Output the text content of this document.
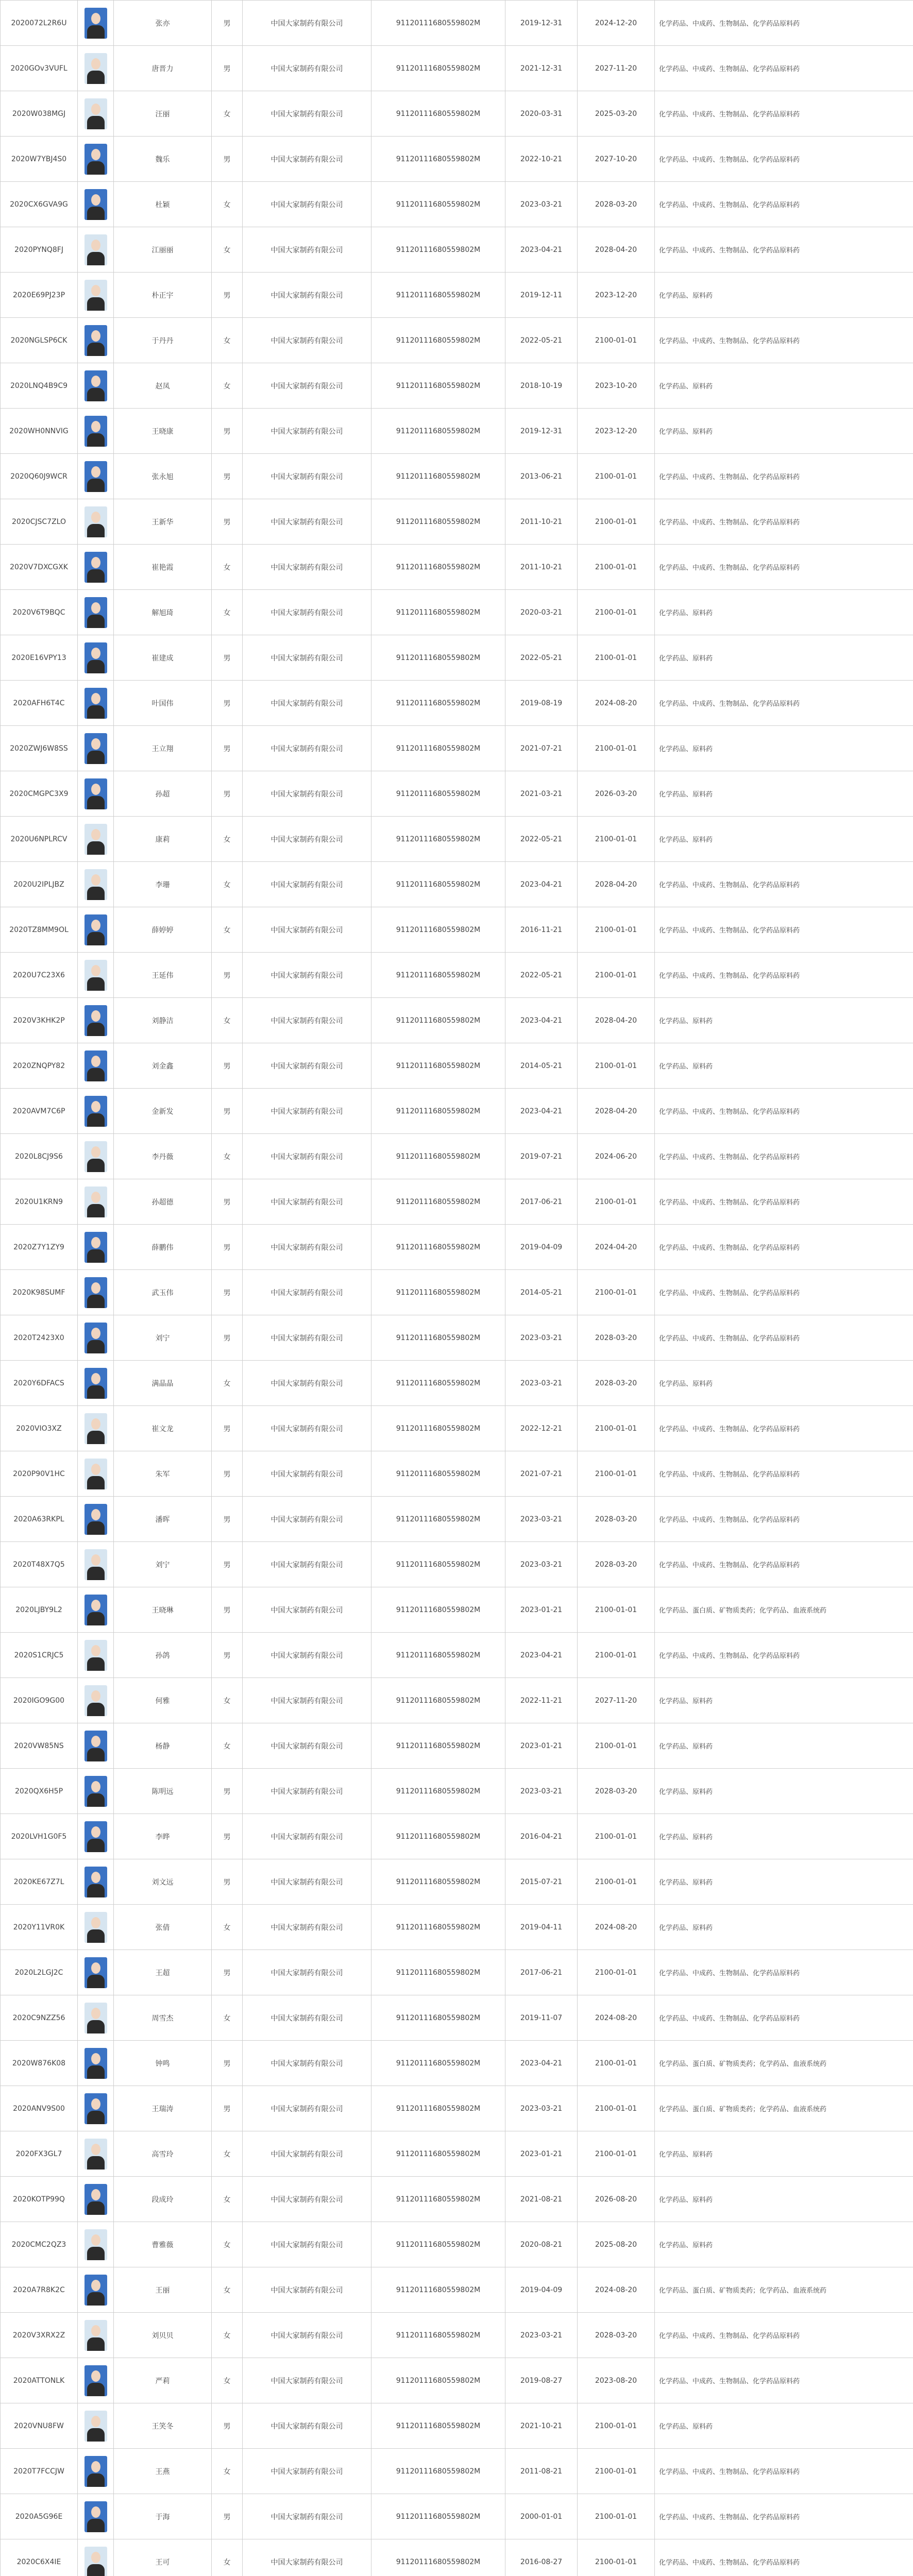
2020072L2R6U		张亦	男	中国大家制药有限公司	91120111680559802M	2019-12-31	2024-12-20	化学药品、中成药、生物制品、化学药品原料药
2020GOv3VUFL		唐晋力	男	中国大家制药有限公司	91120111680559802M	2021-12-31	2027-11-20	化学药品、中成药、生物制品、化学药品原料药
2020W038MGJ		汪丽	女	中国大家制药有限公司	91120111680559802M	2020-03-31	2025-03-20	化学药品、中成药、生物制品、化学药品原料药
2020W7YBJ4S0		魏乐	男	中国大家制药有限公司	91120111680559802M	2022-10-21	2027-10-20	化学药品、中成药、生物制品、化学药品原料药
2020CX6GVA9G		杜颖	女	中国大家制药有限公司	91120111680559802M	2023-03-21	2028-03-20	化学药品、中成药、生物制品、化学药品原料药
2020PYNQ8FJ		江丽丽	女	中国大家制药有限公司	91120111680559802M	2023-04-21	2028-04-20	化学药品、中成药、生物制品、化学药品原料药
2020E69PJ23P		朴正宇	男	中国大家制药有限公司	91120111680559802M	2019-12-11	2023-12-20	化学药品、原料药
2020NGLSP6CK		于丹丹	女	中国大家制药有限公司	91120111680559802M	2022-05-21	2100-01-01	化学药品、中成药、生物制品、化学药品原料药
2020LNQ4B9C9		赵凤	女	中国大家制药有限公司	91120111680559802M	2018-10-19	2023-10-20	化学药品、原料药
2020WH0NNVIG		王晓康	男	中国大家制药有限公司	91120111680559802M	2019-12-31	2023-12-20	化学药品、原料药
2020Q60J9WCR		张永旭	男	中国大家制药有限公司	91120111680559802M	2013-06-21	2100-01-01	化学药品、中成药、生物制品、化学药品原料药
2020CJSC7ZLO		王新华	男	中国大家制药有限公司	91120111680559802M	2011-10-21	2100-01-01	化学药品、中成药、生物制品、化学药品原料药
2020V7DXCGXK		崔艳霞	女	中国大家制药有限公司	91120111680559802M	2011-10-21	2100-01-01	化学药品、中成药、生物制品、化学药品原料药
2020V6T9BQC		解旭琦	女	中国大家制药有限公司	91120111680559802M	2020-03-21	2100-01-01	化学药品、原料药
2020E16VPY13		崔建成	男	中国大家制药有限公司	91120111680559802M	2022-05-21	2100-01-01	化学药品、原料药
2020AFH6T4C		叶国伟	男	中国大家制药有限公司	91120111680559802M	2019-08-19	2024-08-20	化学药品、中成药、生物制品、化学药品原料药
2020ZWJ6W8SS		王立翔	男	中国大家制药有限公司	91120111680559802M	2021-07-21	2100-01-01	化学药品、原料药
2020CMGPC3X9		孙超	男	中国大家制药有限公司	91120111680559802M	2021-03-21	2026-03-20	化学药品、原料药
2020U6NPLRCV		康莉	女	中国大家制药有限公司	91120111680559802M	2022-05-21	2100-01-01	化学药品、原料药
2020U2IPLJBZ		李珊	女	中国大家制药有限公司	91120111680559802M	2023-04-21	2028-04-20	化学药品、中成药、生物制品、化学药品原料药
2020TZ8MM9OL		薛婷婷	女	中国大家制药有限公司	91120111680559802M	2016-11-21	2100-01-01	化学药品、中成药、生物制品、化学药品原料药
2020U7C23X6		王延伟	男	中国大家制药有限公司	91120111680559802M	2022-05-21	2100-01-01	化学药品、中成药、生物制品、化学药品原料药
2020V3KHK2P		刘静洁	女	中国大家制药有限公司	91120111680559802M	2023-04-21	2028-04-20	化学药品、原料药
2020ZNQPY82		刘金鑫	男	中国大家制药有限公司	91120111680559802M	2014-05-21	2100-01-01	化学药品、原料药
2020AVM7C6P		金新发	男	中国大家制药有限公司	91120111680559802M	2023-04-21	2028-04-20	化学药品、中成药、生物制品、化学药品原料药
2020L8CJ9S6		李丹薇	女	中国大家制药有限公司	91120111680559802M	2019-07-21	2024-06-20	化学药品、中成药、生物制品、化学药品原料药
2020U1KRN9		孙超德	男	中国大家制药有限公司	91120111680559802M	2017-06-21	2100-01-01	化学药品、中成药、生物制品、化学药品原料药
2020Z7Y1ZY9		薛鹏伟	男	中国大家制药有限公司	91120111680559802M	2019-04-09	2024-04-20	化学药品、中成药、生物制品、化学药品原料药
2020K98SUMF		武玉伟	男	中国大家制药有限公司	91120111680559802M	2014-05-21	2100-01-01	化学药品、中成药、生物制品、化学药品原料药
2020T2423X0		刘宁	男	中国大家制药有限公司	91120111680559802M	2023-03-21	2028-03-20	化学药品、中成药、生物制品、化学药品原料药
2020Y6DFACS		满晶晶	女	中国大家制药有限公司	91120111680559802M	2023-03-21	2028-03-20	化学药品、原料药
2020VIO3XZ		崔文龙	男	中国大家制药有限公司	91120111680559802M	2022-12-21	2100-01-01	化学药品、中成药、生物制品、化学药品原料药
2020P90V1HC		朱军	男	中国大家制药有限公司	91120111680559802M	2021-07-21	2100-01-01	化学药品、中成药、生物制品、化学药品原料药
2020A63RKPL		潘晖	男	中国大家制药有限公司	91120111680559802M	2023-03-21	2028-03-20	化学药品、中成药、生物制品、化学药品原料药
2020T48X7Q5		刘宁	男	中国大家制药有限公司	91120111680559802M	2023-03-21	2028-03-20	化学药品、中成药、生物制品、化学药品原料药
2020LJBY9L2		王晓琳	男	中国大家制药有限公司	91120111680559802M	2023-01-21	2100-01-01	化学药品、蛋白质、矿物质类药；化学药品、血液系统药
2020S1CRJC5		孙鸽	男	中国大家制药有限公司	91120111680559802M	2023-04-21	2100-01-01	化学药品、中成药、生物制品、化学药品原料药
2020IGO9G00		何雅	女	中国大家制药有限公司	91120111680559802M	2022-11-21	2027-11-20	化学药品、原料药
2020VW85NS		杨静	女	中国大家制药有限公司	91120111680559802M	2023-01-21	2100-01-01	化学药品、原料药
2020QX6H5P		陈明远	男	中国大家制药有限公司	91120111680559802M	2023-03-21	2028-03-20	化学药品、原料药
2020LVH1G0F5		李晔	男	中国大家制药有限公司	91120111680559802M	2016-04-21	2100-01-01	化学药品、原料药
2020KE67Z7L		刘文远	男	中国大家制药有限公司	91120111680559802M	2015-07-21	2100-01-01	化学药品、原料药
2020Y11VR0K		张倩	女	中国大家制药有限公司	91120111680559802M	2019-04-11	2024-08-20	化学药品、原料药
2020L2LGJ2C		王超	男	中国大家制药有限公司	91120111680559802M	2017-06-21	2100-01-01	化学药品、中成药、生物制品、化学药品原料药
2020C9NZZ56		周雪杰	女	中国大家制药有限公司	91120111680559802M	2019-11-07	2024-08-20	化学药品、中成药、生物制品、化学药品原料药
2020W876K08		钟鸣	男	中国大家制药有限公司	91120111680559802M	2023-04-21	2100-01-01	化学药品、蛋白质、矿物质类药；化学药品、血液系统药
2020ANV9S00		王瑞涛	男	中国大家制药有限公司	91120111680559802M	2023-03-21	2100-01-01	化学药品、蛋白质、矿物质类药；化学药品、血液系统药
2020FX3GL7		高雪玲	女	中国大家制药有限公司	91120111680559802M	2023-01-21	2100-01-01	化学药品、原料药
2020KOTP99Q		段成玲	女	中国大家制药有限公司	91120111680559802M	2021-08-21	2026-08-20	化学药品、原料药
2020CMC2QZ3		曹雅薇	女	中国大家制药有限公司	91120111680559802M	2020-08-21	2025-08-20	化学药品、原料药
2020A7R8K2C		王丽	女	中国大家制药有限公司	91120111680559802M	2019-04-09	2024-08-20	化学药品、蛋白质、矿物质类药；化学药品、血液系统药
2020V3XRX2Z		刘贝贝	女	中国大家制药有限公司	91120111680559802M	2023-03-21	2028-03-20	化学药品、中成药、生物制品、化学药品原料药
2020ATTONLK		严莉	女	中国大家制药有限公司	91120111680559802M	2019-08-27	2023-08-20	化学药品、中成药、生物制品、化学药品原料药
2020VNU8FW		王笑冬	男	中国大家制药有限公司	91120111680559802M	2021-10-21	2100-01-01	化学药品、原料药
2020T7FCCJW		王燕	女	中国大家制药有限公司	91120111680559802M	2011-08-21	2100-01-01	化学药品、中成药、生物制品、化学药品原料药
2020A5G96E		于海	男	中国大家制药有限公司	91120111680559802M	2000-01-01	2100-01-01	化学药品、中成药、生物制品、化学药品原料药
2020C6X4IE		王可	女	中国大家制药有限公司	91120111680559802M	2016-08-27	2100-01-01	化学药品、中成药、生物制品、化学药品原料药
